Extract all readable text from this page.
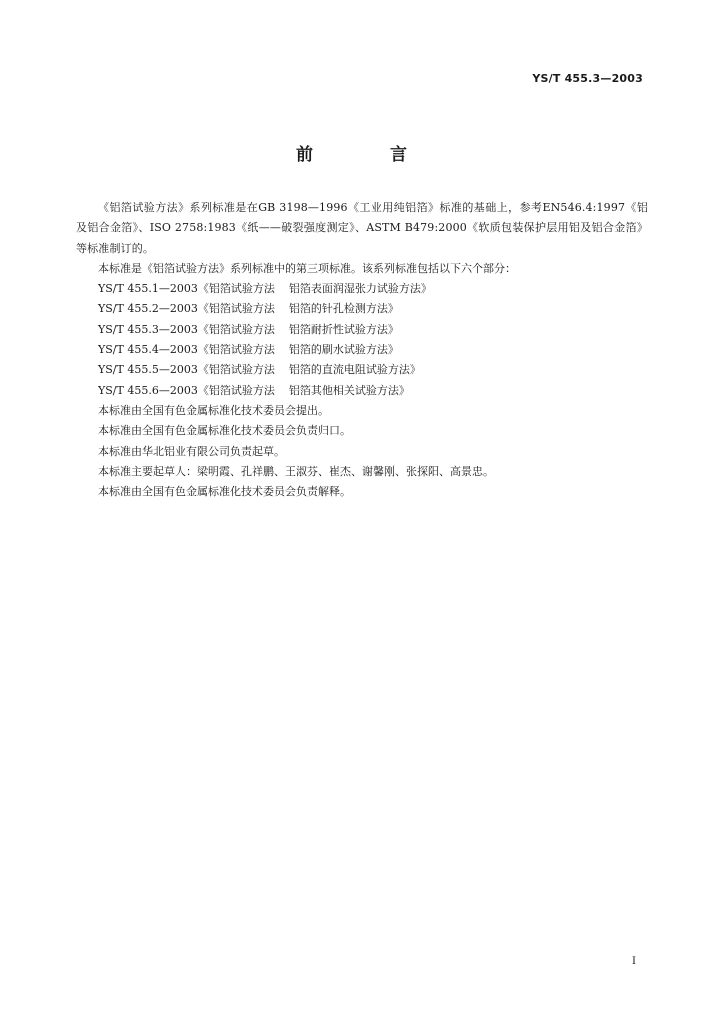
YS/T 455.3—2003
前　言

《铝箔试验方法》系列标准是在GB 3198—1996《工业用纯铝箔》标准的基础上，参考EN546.4:1997《铝及铝合金箔》、ISO 2758:1983《纸——破裂强度测定》、ASTM B479:2000《软质包装保护层用铝及铝合金箔》等标准制订的。

本标准是《铝箔试验方法》系列标准中的第三项标准。该系列标准包括以下六个部分：

YS/T 455.1—2003《铝箔试验方法 铝箔表面润湿张力试验方法》

YS/T 455.2—2003《铝箔试验方法 铝箔的针孔检测方法》

YS/T 455.3—2003《铝箔试验方法 铝箔耐折性试验方法》

YS/T 455.4—2003《铝箔试验方法 铝箔的刷水试验方法》

YS/T 455.5—2003《铝箔试验方法 铝箔的直流电阻试验方法》

YS/T 455.6—2003《铝箔试验方法 铝箔其他相关试验方法》

本标准由全国有色金属标准化技术委员会提出。

本标准由全国有色金属标准化技术委员会负责归口。

本标准由华北铝业有限公司负责起草。

本标准主要起草人：梁明霞、孔祥鹏、王淑芬、崔杰、谢馨刚、张探阳、高景忠。

本标准由全国有色金属标准化技术委员会负责解释。

I
